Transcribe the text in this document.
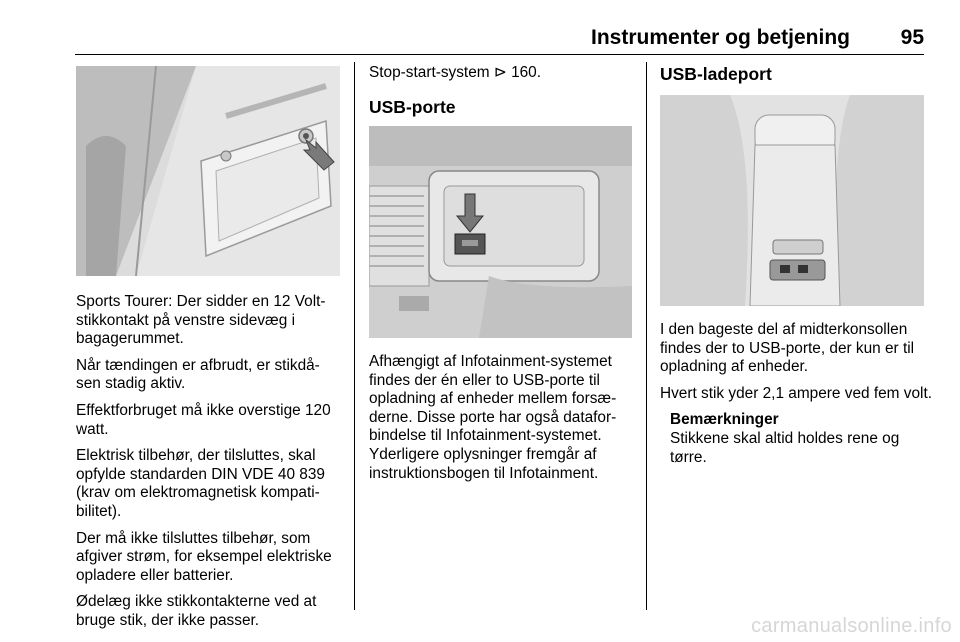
Instrumenter og betjening 95

Sports Tourer: Der sidder en 12 Volt-stikkontakt på venstre sidevæg i bagagerummet.

Når tændingen er afbrudt, er stikdå-sen stadig aktiv.

Effektforbruget må ikke overstige 120 watt.

Elektrisk tilbehør, der tilsluttes, skal opfylde standarden DIN VDE 40 839 (krav om elektromagnetisk kompati-bilitet).

Der må ikke tilsluttes tilbehør, som afgiver strøm, for eksempel elektriske opladere eller batterier.

Ødelæg ikke stikkontakterne ved at bruge stik, der ikke passer.

Stop-start-system ⊳ 160.

USB-porte

Afhængigt af Infotainment-systemet findes der én eller to USB-porte til opladning af enheder mellem forsæ-derne. Disse porte har også datafor-bindelse til Infotainment-systemet. Yderligere oplysninger fremgår af instruktionsbogen til Infotainment.

USB-ladeport

I den bageste del af midterkonsollen findes der to USB-porte, der kun er til opladning af enheder.

Hvert stik yder 2,1 ampere ved fem volt.

Bemærkninger
Stikkene skal altid holdes rene og tørre.
carmanualsonline.info
